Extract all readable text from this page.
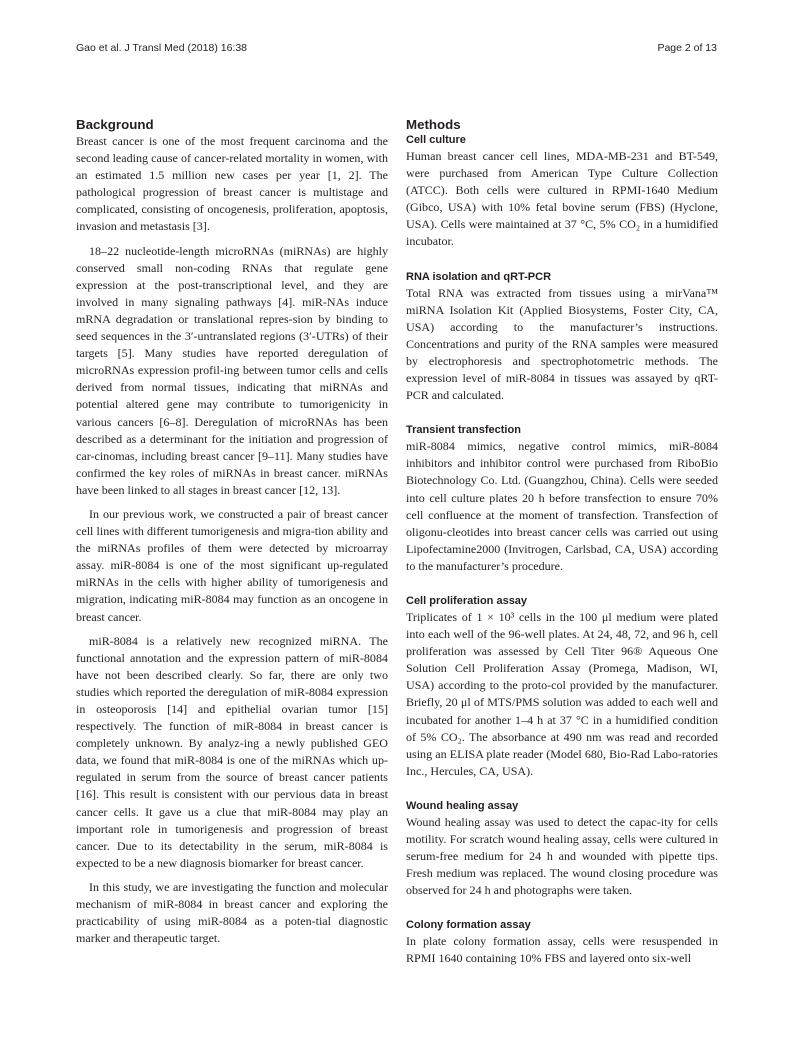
Gao et al. J Transl Med (2018) 16:38	Page 2 of 13
Background

Breast cancer is one of the most frequent carcinoma and the second leading cause of cancer-related mortality in women, with an estimated 1.5 million new cases per year [1, 2]. The pathological progression of breast cancer is multistage and complicated, consisting of oncogenesis, proliferation, apoptosis, invasion and metastasis [3].

18–22 nucleotide-length microRNAs (miRNAs) are highly conserved small non-coding RNAs that regulate gene expression at the post-transcriptional level, and they are involved in many signaling pathways [4]. miR-NAs induce mRNA degradation or translational repres-sion by binding to seed sequences in the 3′-untranslated regions (3′-UTRs) of their targets [5]. Many studies have reported deregulation of microRNAs expression profil-ing between tumor cells and cells derived from normal tissues, indicating that miRNAs and potential altered gene may contribute to tumorigenicity in various cancers [6–8]. Deregulation of microRNAs has been described as a determinant for the initiation and progression of car-cinomas, including breast cancer [9–11]. Many studies have confirmed the key roles of miRNAs in breast cancer. miRNAs have been linked to all stages in breast cancer [12, 13].

In our previous work, we constructed a pair of breast cancer cell lines with different tumorigenesis and migra-tion ability and the miRNAs profiles of them were detected by microarray assay. miR-8084 is one of the most significant up-regulated miRNAs in the cells with higher ability of tumorigenesis and migration, indicating miR-8084 may function as an oncogene in breast cancer.

miR-8084 is a relatively new recognized miRNA. The functional annotation and the expression pattern of miR-8084 have not been described clearly. So far, there are only two studies which reported the deregulation of miR-8084 expression in osteoporosis [14] and epithelial ovarian tumor [15] respectively. The function of miR-8084 in breast cancer is completely unknown. By analyz-ing a newly published GEO data, we found that miR-8084 is one of the miRNAs which up-regulated in serum from the source of breast cancer patients [16]. This result is consistent with our pervious data in breast cancer cells. It gave us a clue that miR-8084 may play an important role in tumorigenesis and progression of breast cancer. Due to its detectability in the serum, miR-8084 is expected to be a new diagnosis biomarker for breast cancer.

In this study, we are investigating the function and molecular mechanism of miR-8084 in breast cancer and exploring the practicability of using miR-8084 as a poten-tial diagnostic marker and therapeutic target.

Methods
Cell culture

Human breast cancer cell lines, MDA-MB-231 and BT-549, were purchased from American Type Culture Collection (ATCC). Both cells were cultured in RPMI-1640 Medium (Gibco, USA) with 10% fetal bovine serum (FBS) (Hyclone, USA). Cells were maintained at 37 °C, 5% CO₂ in a humidified incubator.

RNA isolation and qRT-PCR

Total RNA was extracted from tissues using a mirVana™ miRNA Isolation Kit (Applied Biosystems, Foster City, CA, USA) according to the manufacturer’s instructions. Concentrations and purity of the RNA samples were measured by electrophoresis and spectrophotometric methods. The expression level of miR-8084 in tissues was assayed by qRT-PCR and calculated.

Transient transfection

miR-8084 mimics, negative control mimics, miR-8084 inhibitors and inhibitor control were purchased from RiboBio Biotechnology Co. Ltd. (Guangzhou, China). Cells were seeded into cell culture plates 20 h before transfection to ensure 70% cell confluence at the moment of transfection. Transfection of oligonu-cleotides into breast cancer cells was carried out using Lipofectamine2000 (Invitrogen, Carlsbad, CA, USA) according to the manufacturer’s procedure.

Cell proliferation assay

Triplicates of 1 × 10³ cells in the 100 μl medium were plated into each well of the 96-well plates. At 24, 48, 72, and 96 h, cell proliferation was assessed by Cell Titer 96® Aqueous One Solution Cell Proliferation Assay (Promega, Madison, WI, USA) according to the proto-col provided by the manufacturer. Briefly, 20 μl of MTS/PMS solution was added to each well and incubated for another 1–4 h at 37 °C in a humidified condition of 5% CO₂. The absorbance at 490 nm was read and recorded using an ELISA plate reader (Model 680, Bio-Rad Labo-ratories Inc., Hercules, CA, USA).

Wound healing assay

Wound healing assay was used to detect the capac-ity for cells motility. For scratch wound healing assay, cells were cultured in serum-free medium for 24 h and wounded with pipette tips. Fresh medium was replaced. The wound closing procedure was observed for 24 h and photographs were taken.

Colony formation assay

In plate colony formation assay, cells were resuspended in RPMI 1640 containing 10% FBS and layered onto six-well
